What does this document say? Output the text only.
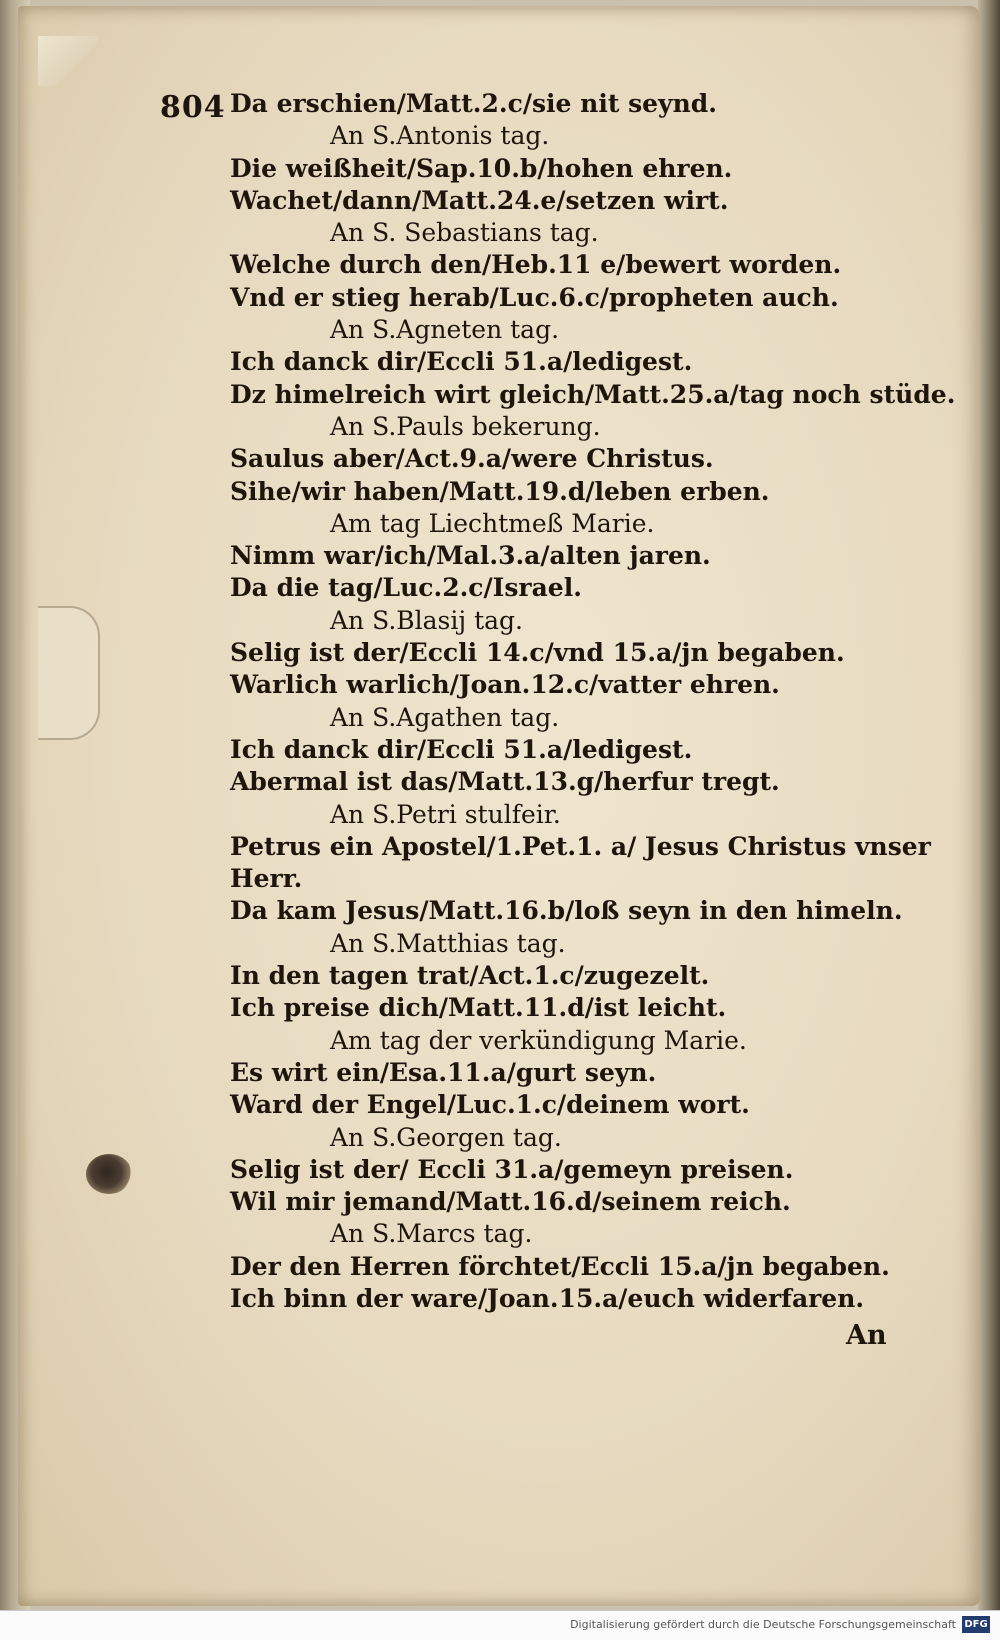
804 Da erschien/Matt.2.c/sie nit seynd.
An S.Antonis tag.
Die weißheit/Sap.10.b/hohen ehren.
Wachet/dann/Matt.24.e/setzen wirt.
An S. Sebastians tag.
Welche durch den/Heb.11 e/bewert worden.
Vnd er stieg herab/Luc.6.c/propheten auch.
An S.Agneten tag.
Ich danck dir/Eccli 51.a/ledigest.
Dz himelreich wirt gleich/Matt.25.a/tag noch stüde.
An S.Pauls bekerung.
Saulus aber/Act.9.a/were Christus.
Sihe/wir haben/Matt.19.d/leben erben.
Am tag Liechtmeß Marie.
Nimm war/ich/Mal.3.a/alten jaren.
Da die tag/Luc.2.c/Israel.
An S.Blasij tag.
Selig ist der/Eccli 14.c/vnd 15.a/jn begaben.
Warlich warlich/Joan.12.c/vatter ehren.
An S.Agathen tag.
Ich danck dir/Eccli 51.a/ledigest.
Abermal ist das/Matt.13.g/herfur tregt.
An S.Petri stulfeir.
Petrus ein Apostel/1.Pet.1. a/ Jesus Christus vnser
Herr.
Da kam Jesus/Matt.16.b/loß seyn in den himeln.
An S.Matthias tag.
In den tagen trat/Act.1.c/zugezelt.
Ich preise dich/Matt.11.d/ist leicht.
Am tag der verkündigung Marie.
Es wirt ein/Esa.11.a/gurt seyn.
Ward der Engel/Luc.1.c/deinem wort.
An S.Georgen tag.
Selig ist der/ Eccli 31.a/gemeyn preisen.
Wil mir jemand/Matt.16.d/seinem reich.
An S.Marcs tag.
Der den Herren förchtet/Eccli 15.a/jn begaben.
Ich binn der ware/Joan.15.a/euch widerfaren.
An
Digitalisierung gefördert durch die Deutsche Forschungsgemeinschaft DFG
